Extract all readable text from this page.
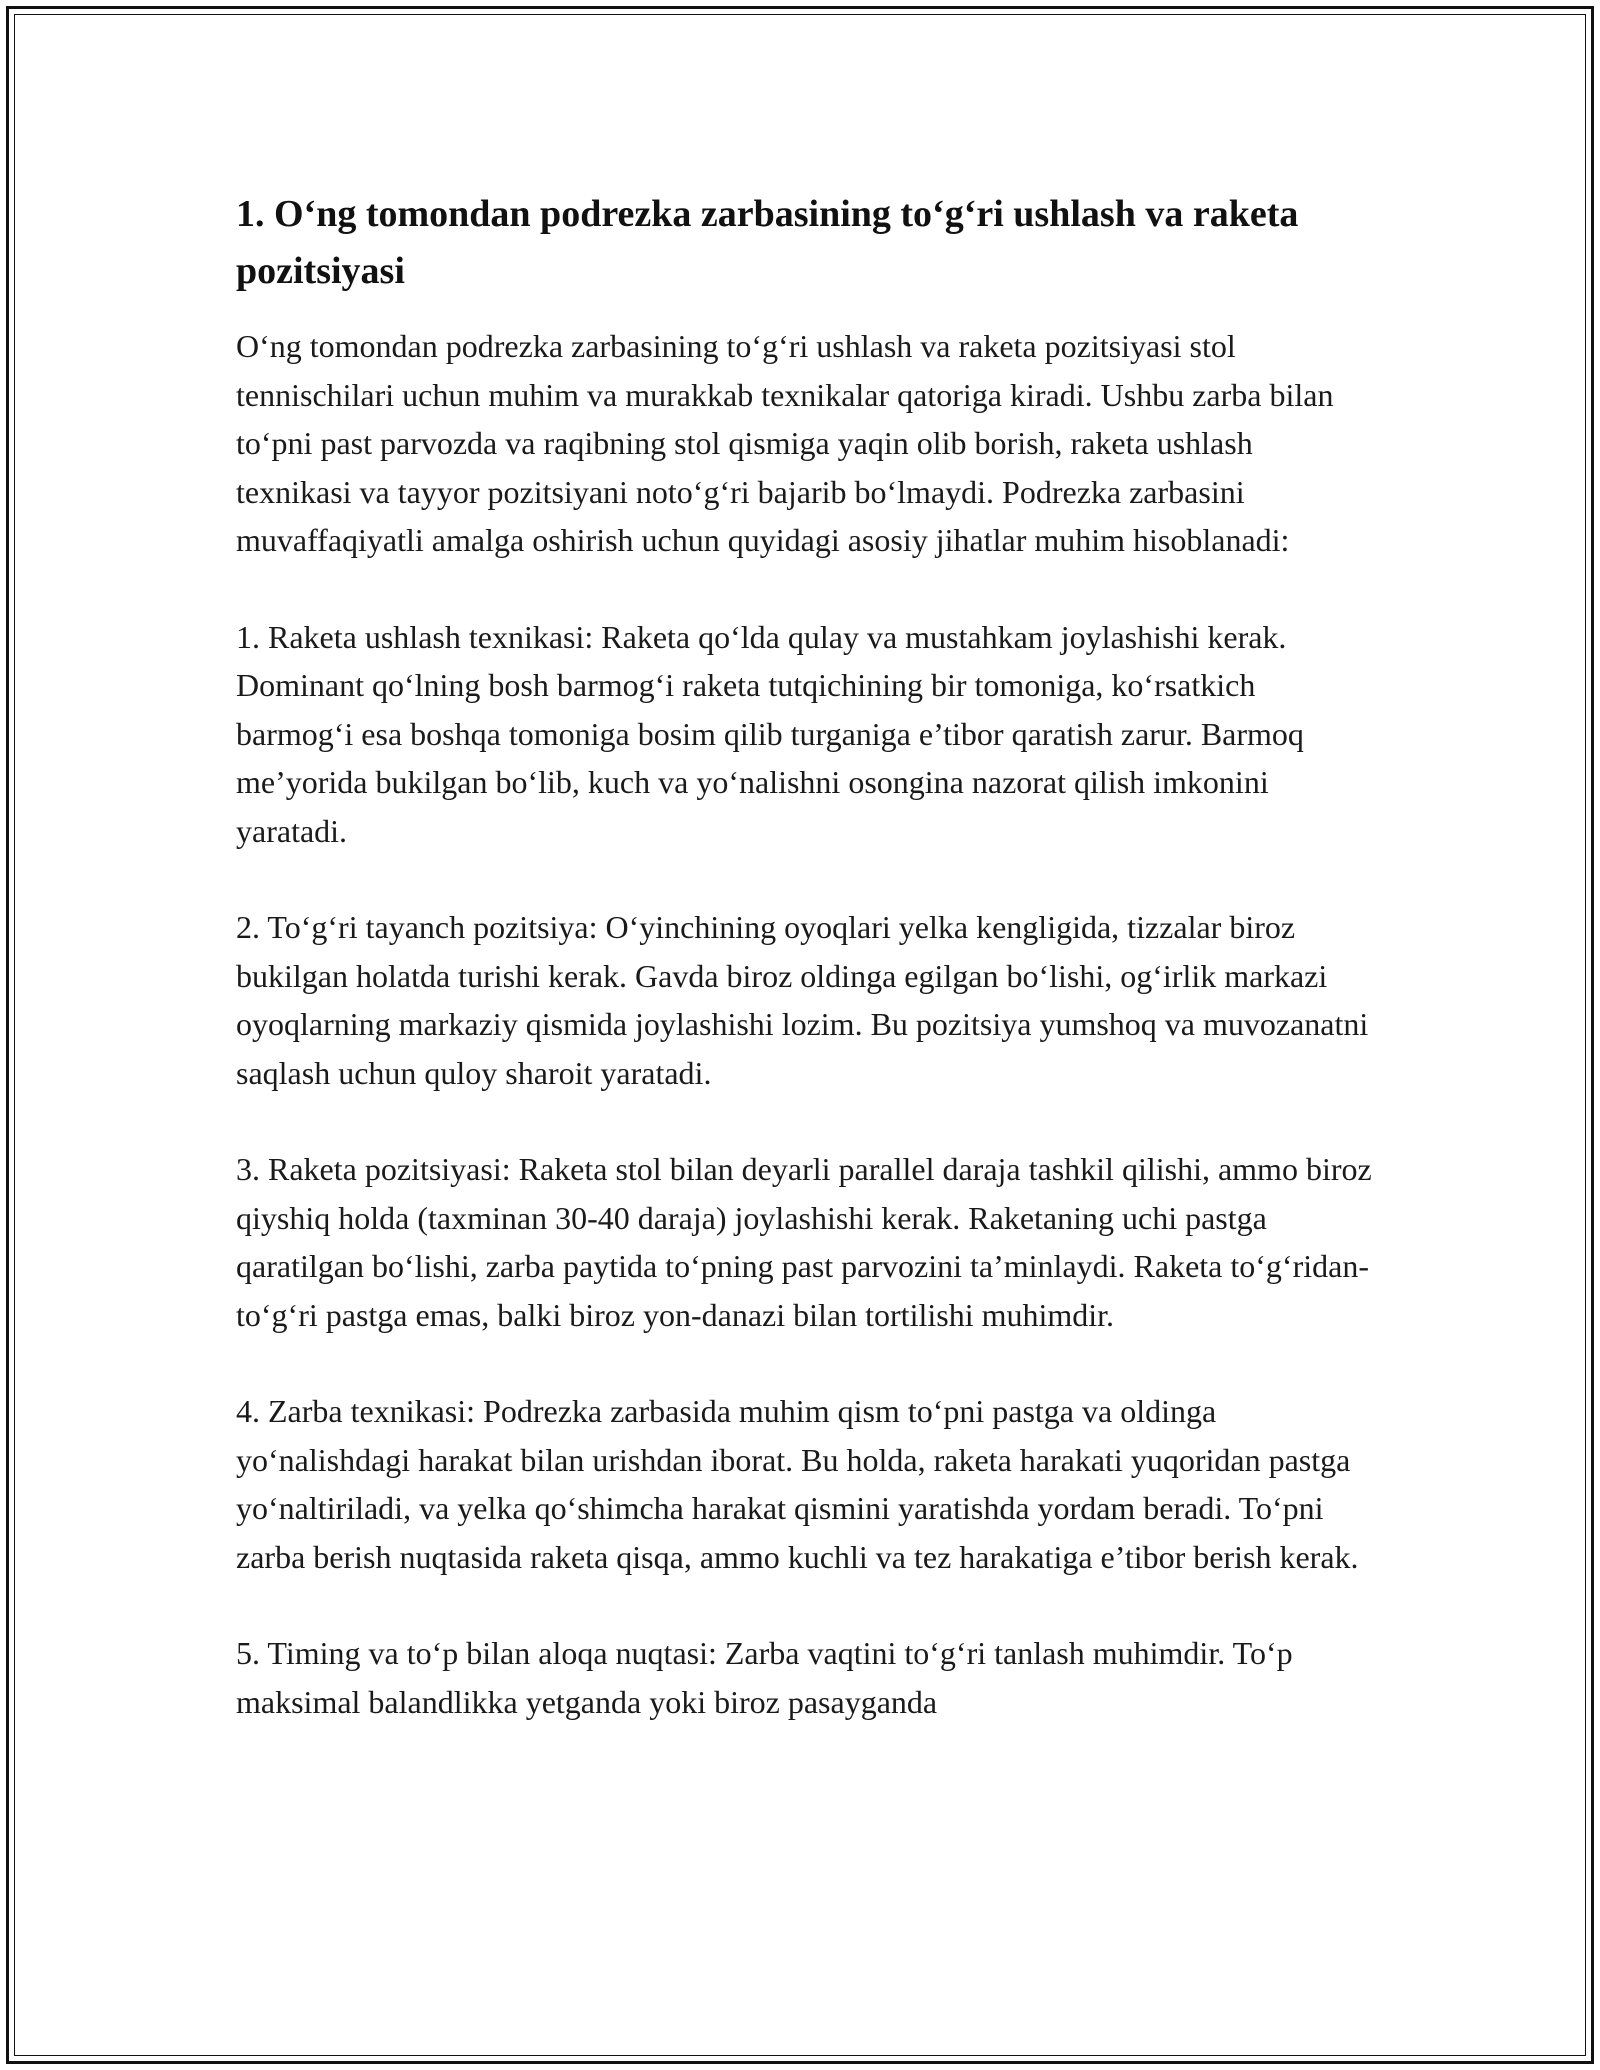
1. O‘ng tomondan podrezka zarbasining to‘g‘ri ushlash va raketa pozitsiyasi

O‘ng tomondan podrezka zarbasining to‘g‘ri ushlash va raketa pozitsiyasi stol tennischilari uchun muhim va murakkab texnikalar qatoriga kiradi. Ushbu zarba bilan to‘pni past parvozda va raqibning stol qismiga yaqin olib borish, raketa ushlash texnikasi va tayyor pozitsiyani noto‘g‘ri bajarib bo‘lmaydi. Podrezka zarbasini muvaffaqiyatli amalga oshirish uchun quyidagi asosiy jihatlar muhim hisoblanadi:

1. Raketa ushlash texnikasi: Raketa qo‘lda qulay va mustahkam joylashishi kerak. Dominant qo‘lning bosh barmog‘i raketa tutqichining bir tomoniga, ko‘rsatkich barmog‘i esa boshqa tomoniga bosim qilib turganiga e’tibor qaratish zarur. Barmoq me’yorida bukilgan bo‘lib, kuch va yo‘nalishni osongina nazorat qilish imkonini yaratadi.

2. To‘g‘ri tayanch pozitsiya: O‘yinchining oyoqlari yelka kengligida, tizzalar biroz bukilgan holatda turishi kerak. Gavda biroz oldinga egilgan bo‘lishi, og‘irlik markazi oyoqlarning markaziy qismida joylashishi lozim. Bu pozitsiya yumshoq va muvozanatni saqlash uchun quloy sharoit yaratadi.

3. Raketa pozitsiyasi: Raketa stol bilan deyarli parallel daraja tashkil qilishi, ammo biroz qiyshiq holda (taxminan 30-40 daraja) joylashishi kerak. Raketaning uchi pastga qaratilgan bo‘lishi, zarba paytida to‘pning past parvozini ta’minlaydi. Raketa to‘g‘ridan-to‘g‘ri pastga emas, balki biroz yon-danazi bilan tortilishi muhimdir.

4. Zarba texnikasi: Podrezka zarbasida muhim qism to‘pni pastga va oldinga yo‘nalishdagi harakat bilan urishdan iborat. Bu holda, raketa harakati yuqoridan pastga yo‘naltiriladi, va yelka qo‘shimcha harakat qismini yaratishda yordam beradi. To‘pni zarba berish nuqtasida raketa qisqa, ammo kuchli va tez harakatiga e’tibor berish kerak.

5. Timing va to‘p bilan aloqa nuqtasi: Zarba vaqtini to‘g‘ri tanlash muhimdir. To‘p maksimal balandlikka yetganda yoki biroz pasayganda
